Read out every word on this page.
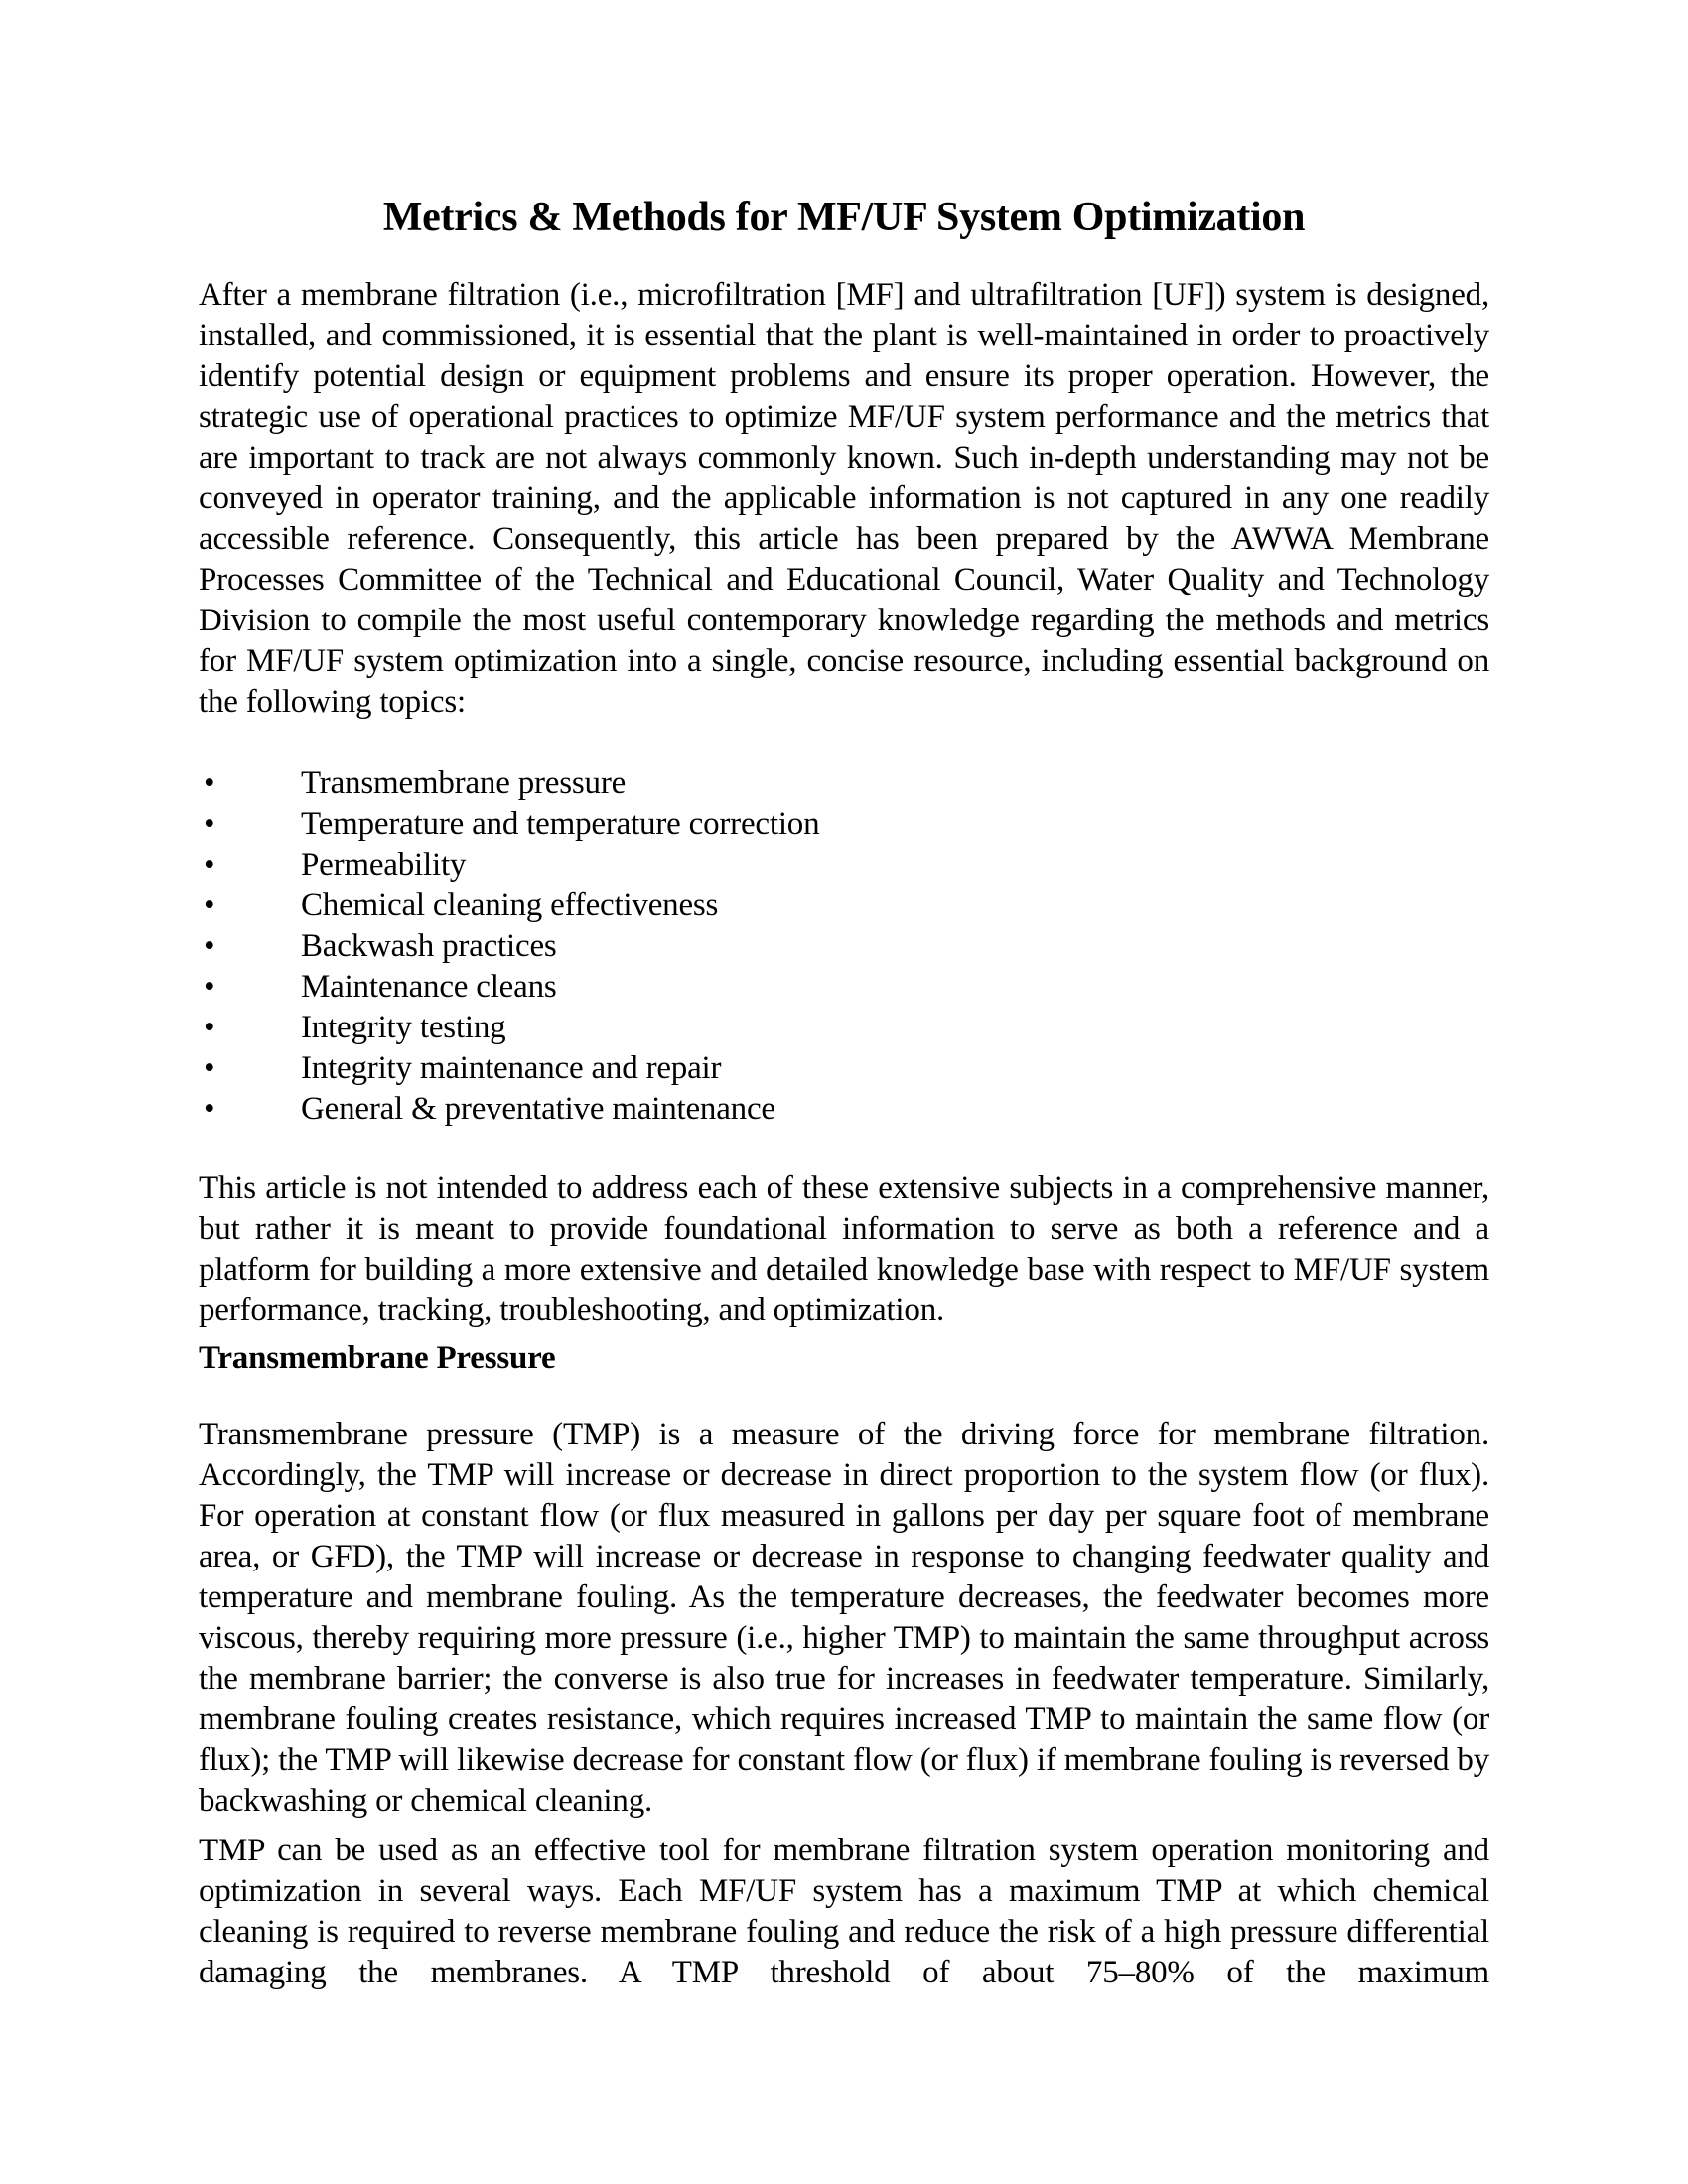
Metrics & Methods for MF/UF System Optimization

After a membrane filtration (i.e., microfiltration [MF] and ultrafiltration [UF]) system is designed, installed, and commissioned, it is essential that the plant is well-maintained in order to proactively identify potential design or equipment problems and ensure its proper operation. However, the strategic use of operational practices to optimize MF/UF system performance and the metrics that are important to track are not always commonly known. Such in-depth understanding may not be conveyed in operator training, and the applicable information is not captured in any one readily accessible reference. Consequently, this article has been prepared by the AWWA Membrane Processes Committee of the Technical and Educational Council, Water Quality and Technology Division to compile the most useful contemporary knowledge regarding the methods and metrics for MF/UF system optimization into a single, concise resource, including essential background on the following topics:

•	Transmembrane pressure
•	Temperature and temperature correction
•	Permeability
•	Chemical cleaning effectiveness
•	Backwash practices
•	Maintenance cleans
•	Integrity testing
•	Integrity maintenance and repair
•	General & preventative maintenance

This article is not intended to address each of these extensive subjects in a comprehensive manner, but rather it is meant to provide foundational information to serve as both a reference and a platform for building a more extensive and detailed knowledge base with respect to MF/UF system performance, tracking, troubleshooting, and optimization.

Transmembrane Pressure

Transmembrane pressure (TMP) is a measure of the driving force for membrane filtration. Accordingly, the TMP will increase or decrease in direct proportion to the system flow (or flux). For operation at constant flow (or flux measured in gallons per day per square foot of membrane area, or GFD), the TMP will increase or decrease in response to changing feedwater quality and temperature and membrane fouling. As the temperature decreases, the feedwater becomes more viscous, thereby requiring more pressure (i.e., higher TMP) to maintain the same throughput across the membrane barrier; the converse is also true for increases in feedwater temperature. Similarly, membrane fouling creates resistance, which requires increased TMP to maintain the same flow (or flux); the TMP will likewise decrease for constant flow (or flux) if membrane fouling is reversed by backwashing or chemical cleaning.

TMP can be used as an effective tool for membrane filtration system operation monitoring and optimization in several ways. Each MF/UF system has a maximum TMP at which chemical cleaning is required to reverse membrane fouling and reduce the risk of a high pressure differential damaging the membranes. A TMP threshold of about 75–80% of the maximum
